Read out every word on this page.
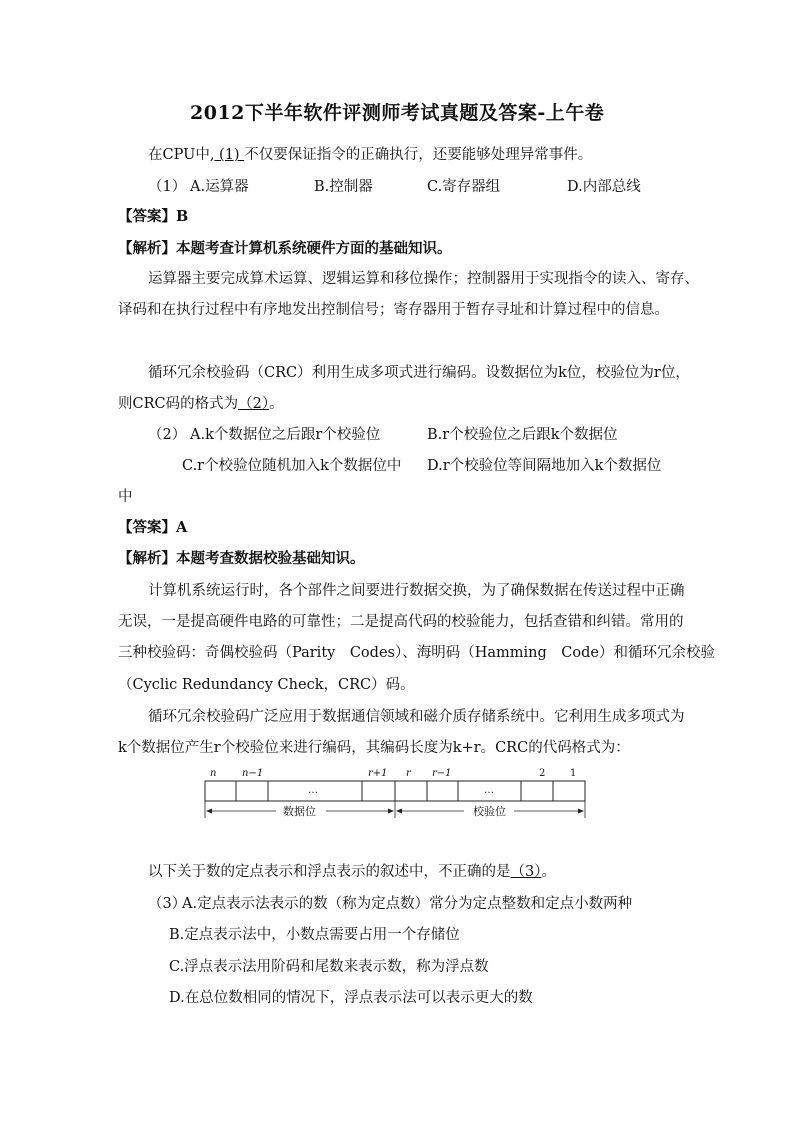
2012下半年软件评测师考试真题及答案-上午卷
在CPU中, (1) 不仅要保证指令的正确执行，还要能够处理异常事件。
（1） A.运算器	B.控制器	C.寄存器组	D.内部总线
【答案】B
【解析】本题考查计算机系统硬件方面的基础知识。
运算器主要完成算术运算、逻辑运算和移位操作；控制器用于实现指令的读入、寄存、
译码和在执行过程中有序地发出控制信号；寄存器用于暂存寻址和计算过程中的信息。
循环冗余校验码（CRC）利用生成多项式进行编码。设数据位为k位，校验位为r位，
则CRC码的格式为（2）。
（2） A.k个数据位之后跟r个校验位	B.r个校验位之后跟k个数据位
C.r个校验位随机加入k个数据位中 D.r个校验位等间隔地加入k个数据位
中
【答案】A
【解析】本题考查数据校验基础知识。
计算机系统运行时，各个部件之间要进行数据交换，为了确保数据在传送过程中正确
无误，一是提高硬件电路的可靠性；二是提高代码的校验能力，包括查错和纠错。常用的
三种校验码：奇偶校验码（Parity　Codes）、海明码（Hamming　Code）和循环冗余校验
（Cyclic Redundancy Check，CRC）码。
循环冗余校验码广泛应用于数据通信领域和磁介质存储系统中。它利用生成多项式为
k个数据位产生r个校验位来进行编码，其编码长度为k+r。CRC的代码格式为：
n	n−1	r+1 r r−1	2 1
…	…
数据位	校验位
以下关于数的定点表示和浮点表示的叙述中，不正确的是（3）。
（3）
A.定点表示法表示的数（称为定点数）常分为定点整数和定点小数两种
B.定点表示法中，小数点需要占用一个存储位
C.浮点表示法用阶码和尾数来表示数，称为浮点数
D.在总位数相同的情况下，浮点表示法可以表示更大的数
